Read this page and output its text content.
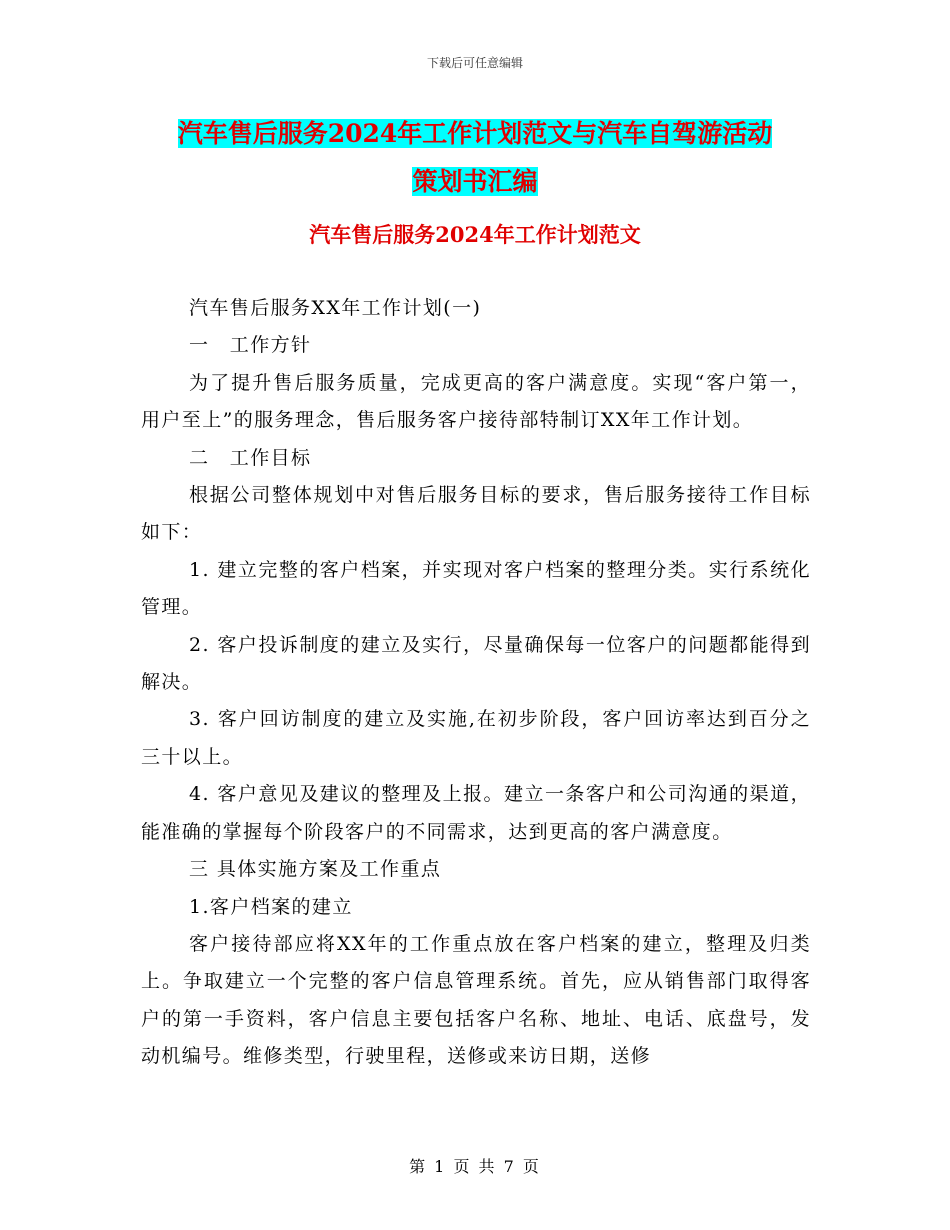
下载后可任意编辑
汽车售后服务2024年工作计划范文与汽车自驾游活动
策划书汇编
汽车售后服务2024年工作计划范文

汽车售后服务XX年工作计划(一)

一　工作方针

为了提升售后服务质量，完成更高的客户满意度。实现“客户第一，用户至上”的服务理念，售后服务客户接待部特制订XX年工作计划。

二　工作目标

根据公司整体规划中对售后服务目标的要求，售后服务接待工作目标如下：

1. 建立完整的客户档案，并实现对客户档案的整理分类。实行系统化管理。

2. 客户投诉制度的建立及实行，尽量确保每一位客户的问题都能得到解决。

3. 客户回访制度的建立及实施,在初步阶段，客户回访率达到百分之三十以上。

4. 客户意见及建议的整理及上报。建立一条客户和公司沟通的渠道，能准确的掌握每个阶段客户的不同需求，达到更高的客户满意度。

三 具体实施方案及工作重点

1.客户档案的建立

客户接待部应将XX年的工作重点放在客户档案的建立，整理及归类上。争取建立一个完整的客户信息管理系统。首先，应从销售部门取得客户的第一手资料，客户信息主要包括客户名称、地址、电话、底盘号，发动机编号。维修类型，行驶里程，送修或来访日期，送修

第 1 页 共 7 页
